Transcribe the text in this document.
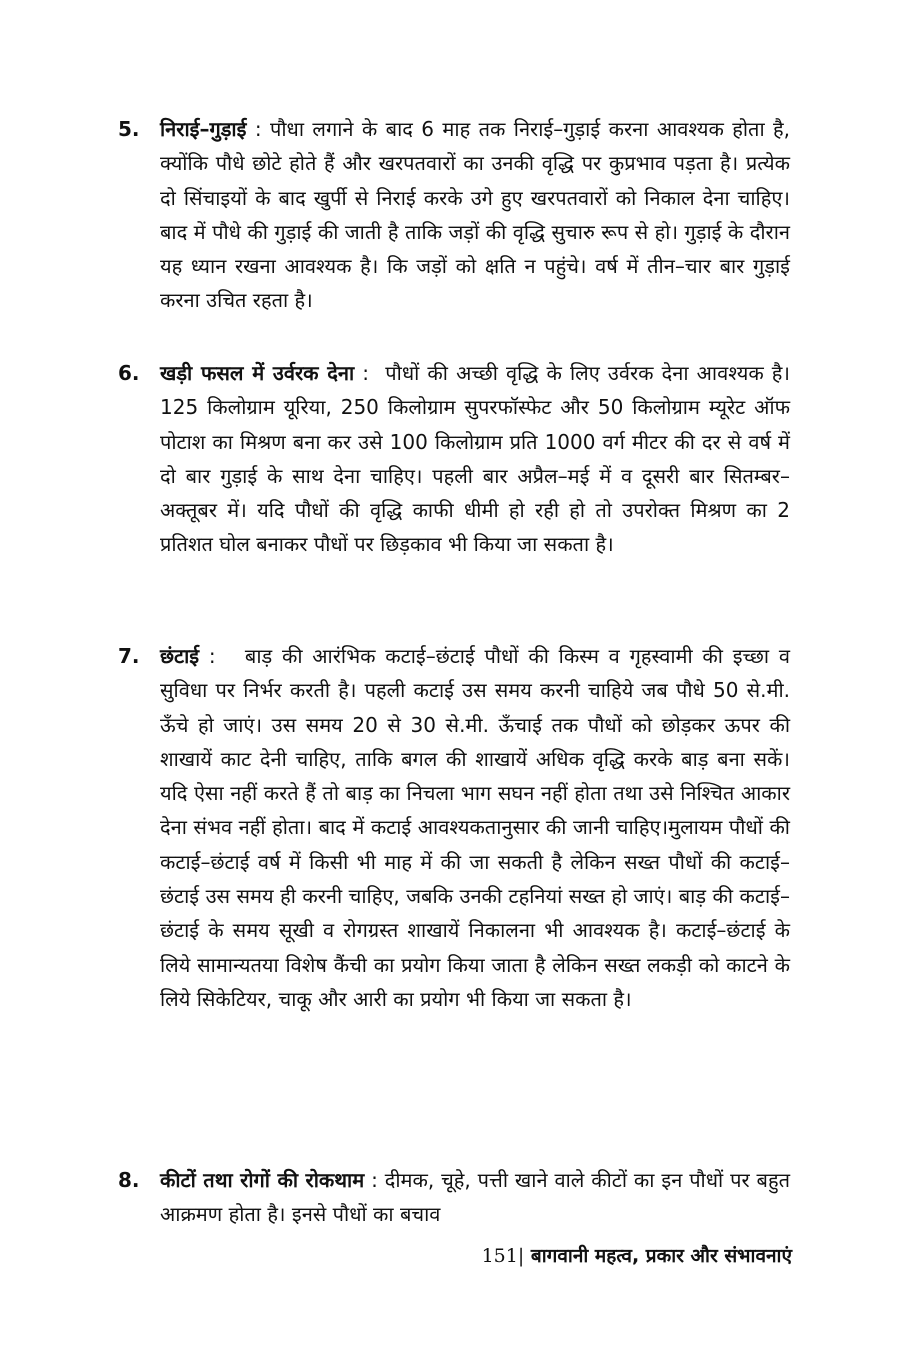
5.	निराई–गुड़ाई : पौधा लगाने के बाद 6 माह तक निराई–गुड़ाई करना आवश्यक होता है, क्योंकि पौधे छोटे होते हैं और खरपतवारों का उनकी वृद्धि पर कुप्रभाव पड़ता है। प्रत्येक दो सिंचाइयों के बाद खुर्पी से निराई करके उगे हुए खरपतवारों को निकाल देना चाहिए। बाद में पौधे की गुड़ाई की जाती है ताकि जड़ों की वृद्धि सुचारु रूप से हो। गुड़ाई के दौरान यह ध्यान रखना आवश्यक है। कि जड़ों को क्षति न पहुंचे। वर्ष में तीन–चार बार गुड़ाई करना उचित रहता है।
6.	खड़ी फसल में उर्वरक देना :  पौधों की अच्छी वृद्धि के लिए उर्वरक देना आवश्यक है। 125 किलोग्राम यूरिया, 250 किलोग्राम सुपरफॉस्फेट और 50 किलोग्राम म्यूरेट ऑफ पोटाश का मिश्रण बना कर उसे 100 किलोग्राम प्रति 1000 वर्ग मीटर की दर से वर्ष में दो बार गुड़ाई के साथ देना चाहिए। पहली बार अप्रैल–मई में व दूसरी बार सितम्बर–अक्तूबर में। यदि पौधों की वृद्धि काफी धीमी हो रही हो तो उपरोक्त मिश्रण का 2 प्रतिशत घोल बनाकर पौधों पर छिड़काव भी किया जा सकता है।
7.	छंटाई :   बाड़ की आरंभिक कटाई–छंटाई पौधों की किस्म व गृहस्वामी की इच्छा व सुविधा पर निर्भर करती है। पहली कटाई उस समय करनी चाहिये जब पौधे 50 से.मी. ऊँचे हो जाएं। उस समय 20 से 30 से.मी. ऊँचाई तक पौधों को छोड़कर ऊपर की शाखायें काट देनी चाहिए, ताकि बगल की शाखायें अधिक वृद्धि करके बाड़ बना सकें। यदि ऐसा नहीं करते हैं तो बाड़ का निचला भाग सघन नहीं होता तथा उसे निश्चित आकार देना संभव नहीं होता। बाद में कटाई आवश्यकतानुसार की जानी चाहिए।मुलायम पौधों की कटाई–छंटाई वर्ष में किसी भी माह में की जा सकती है लेकिन सख्त पौधों की कटाई–छंटाई उस समय ही करनी चाहिए, जबकि उनकी टहनियां सख्त हो जाएं। बाड़ की कटाई– छंटाई के समय सूखी व रोगग्रस्त शाखायें निकालना भी आवश्यक है। कटाई–छंटाई के लिये सामान्यतया विशेष कैंची का प्रयोग किया जाता है लेकिन सख्त लकड़ी को काटने के लिये सिकेटियर, चाकू और आरी का प्रयोग भी किया जा सकता है।
8.	कीटों तथा रोगों की रोकथाम : दीमक, चूहे, पत्ती खाने वाले कीटों का इन पौधों पर बहुत आक्रमण होता है। इनसे पौधों का बचाव
151| बागवानी महत्व, प्रकार और संभावनाएं
